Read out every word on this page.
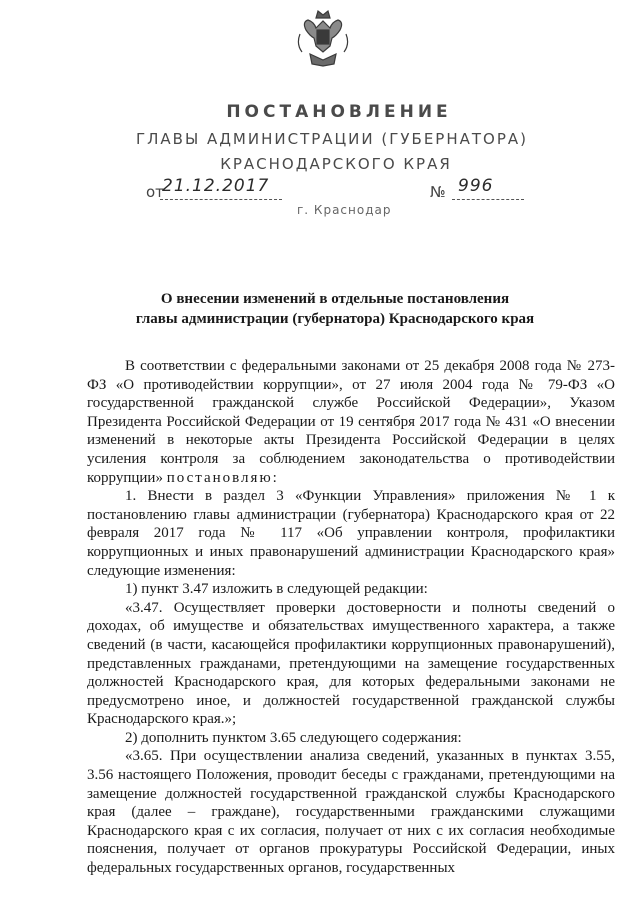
ПОСТАНОВЛЕНИЕ
ГЛАВЫ АДМИНИСТРАЦИИ (ГУБЕРНАТОРА)
КРАСНОДАРСКОГО КРАЯ
от
21.12.2017	№ 996
г. Краснодар
О внесении изменений в отдельные постановления
главы администрации (губернатора) Краснодарского края

В соответствии с федеральными законами от 25 декабря 2008 года № 273-ФЗ «О противодействии коррупции», от 27 июля 2004 года № 79-ФЗ «О государственной гражданской службе Российской Федерации», Указом Президента Российской Федерации от 19 сентября 2017 года № 431 «О внесении изменений в некоторые акты Президента Российской Федерации в целях усиления контроля за соблюдением законодательства о противодействии коррупции» постановляю:

1. Внести в раздел 3 «Функции Управления» приложения № 1 к постановлению главы администрации (губернатора) Краснодарского края от 22 февраля 2017 года № 117 «Об управлении контроля, профилактики коррупционных и иных правонарушений администрации Краснодарского края» следующие изменения:

1) пункт 3.47 изложить в следующей редакции:

«3.47. Осуществляет проверки достоверности и полноты сведений о доходах, об имуществе и обязательствах имущественного характера, а также сведений (в части, касающейся профилактики коррупционных правонарушений), представленных гражданами, претендующими на замещение государственных должностей Краснодарского края, для которых федеральными законами не предусмотрено иное, и должностей государственной гражданской службы Краснодарского края.»;

2) дополнить пунктом 3.65 следующего содержания:

«3.65. При осуществлении анализа сведений, указанных в пунктах 3.55, 3.56 настоящего Положения, проводит беседы с гражданами, претендующими на замещение должностей государственной гражданской службы Краснодарского края (далее – граждане), государственными гражданскими служащими Краснодарского края с их согласия, получает от них с их согласия необходимые пояснения, получает от органов прокуратуры Российской Федерации, иных федеральных государственных органов, государственных
